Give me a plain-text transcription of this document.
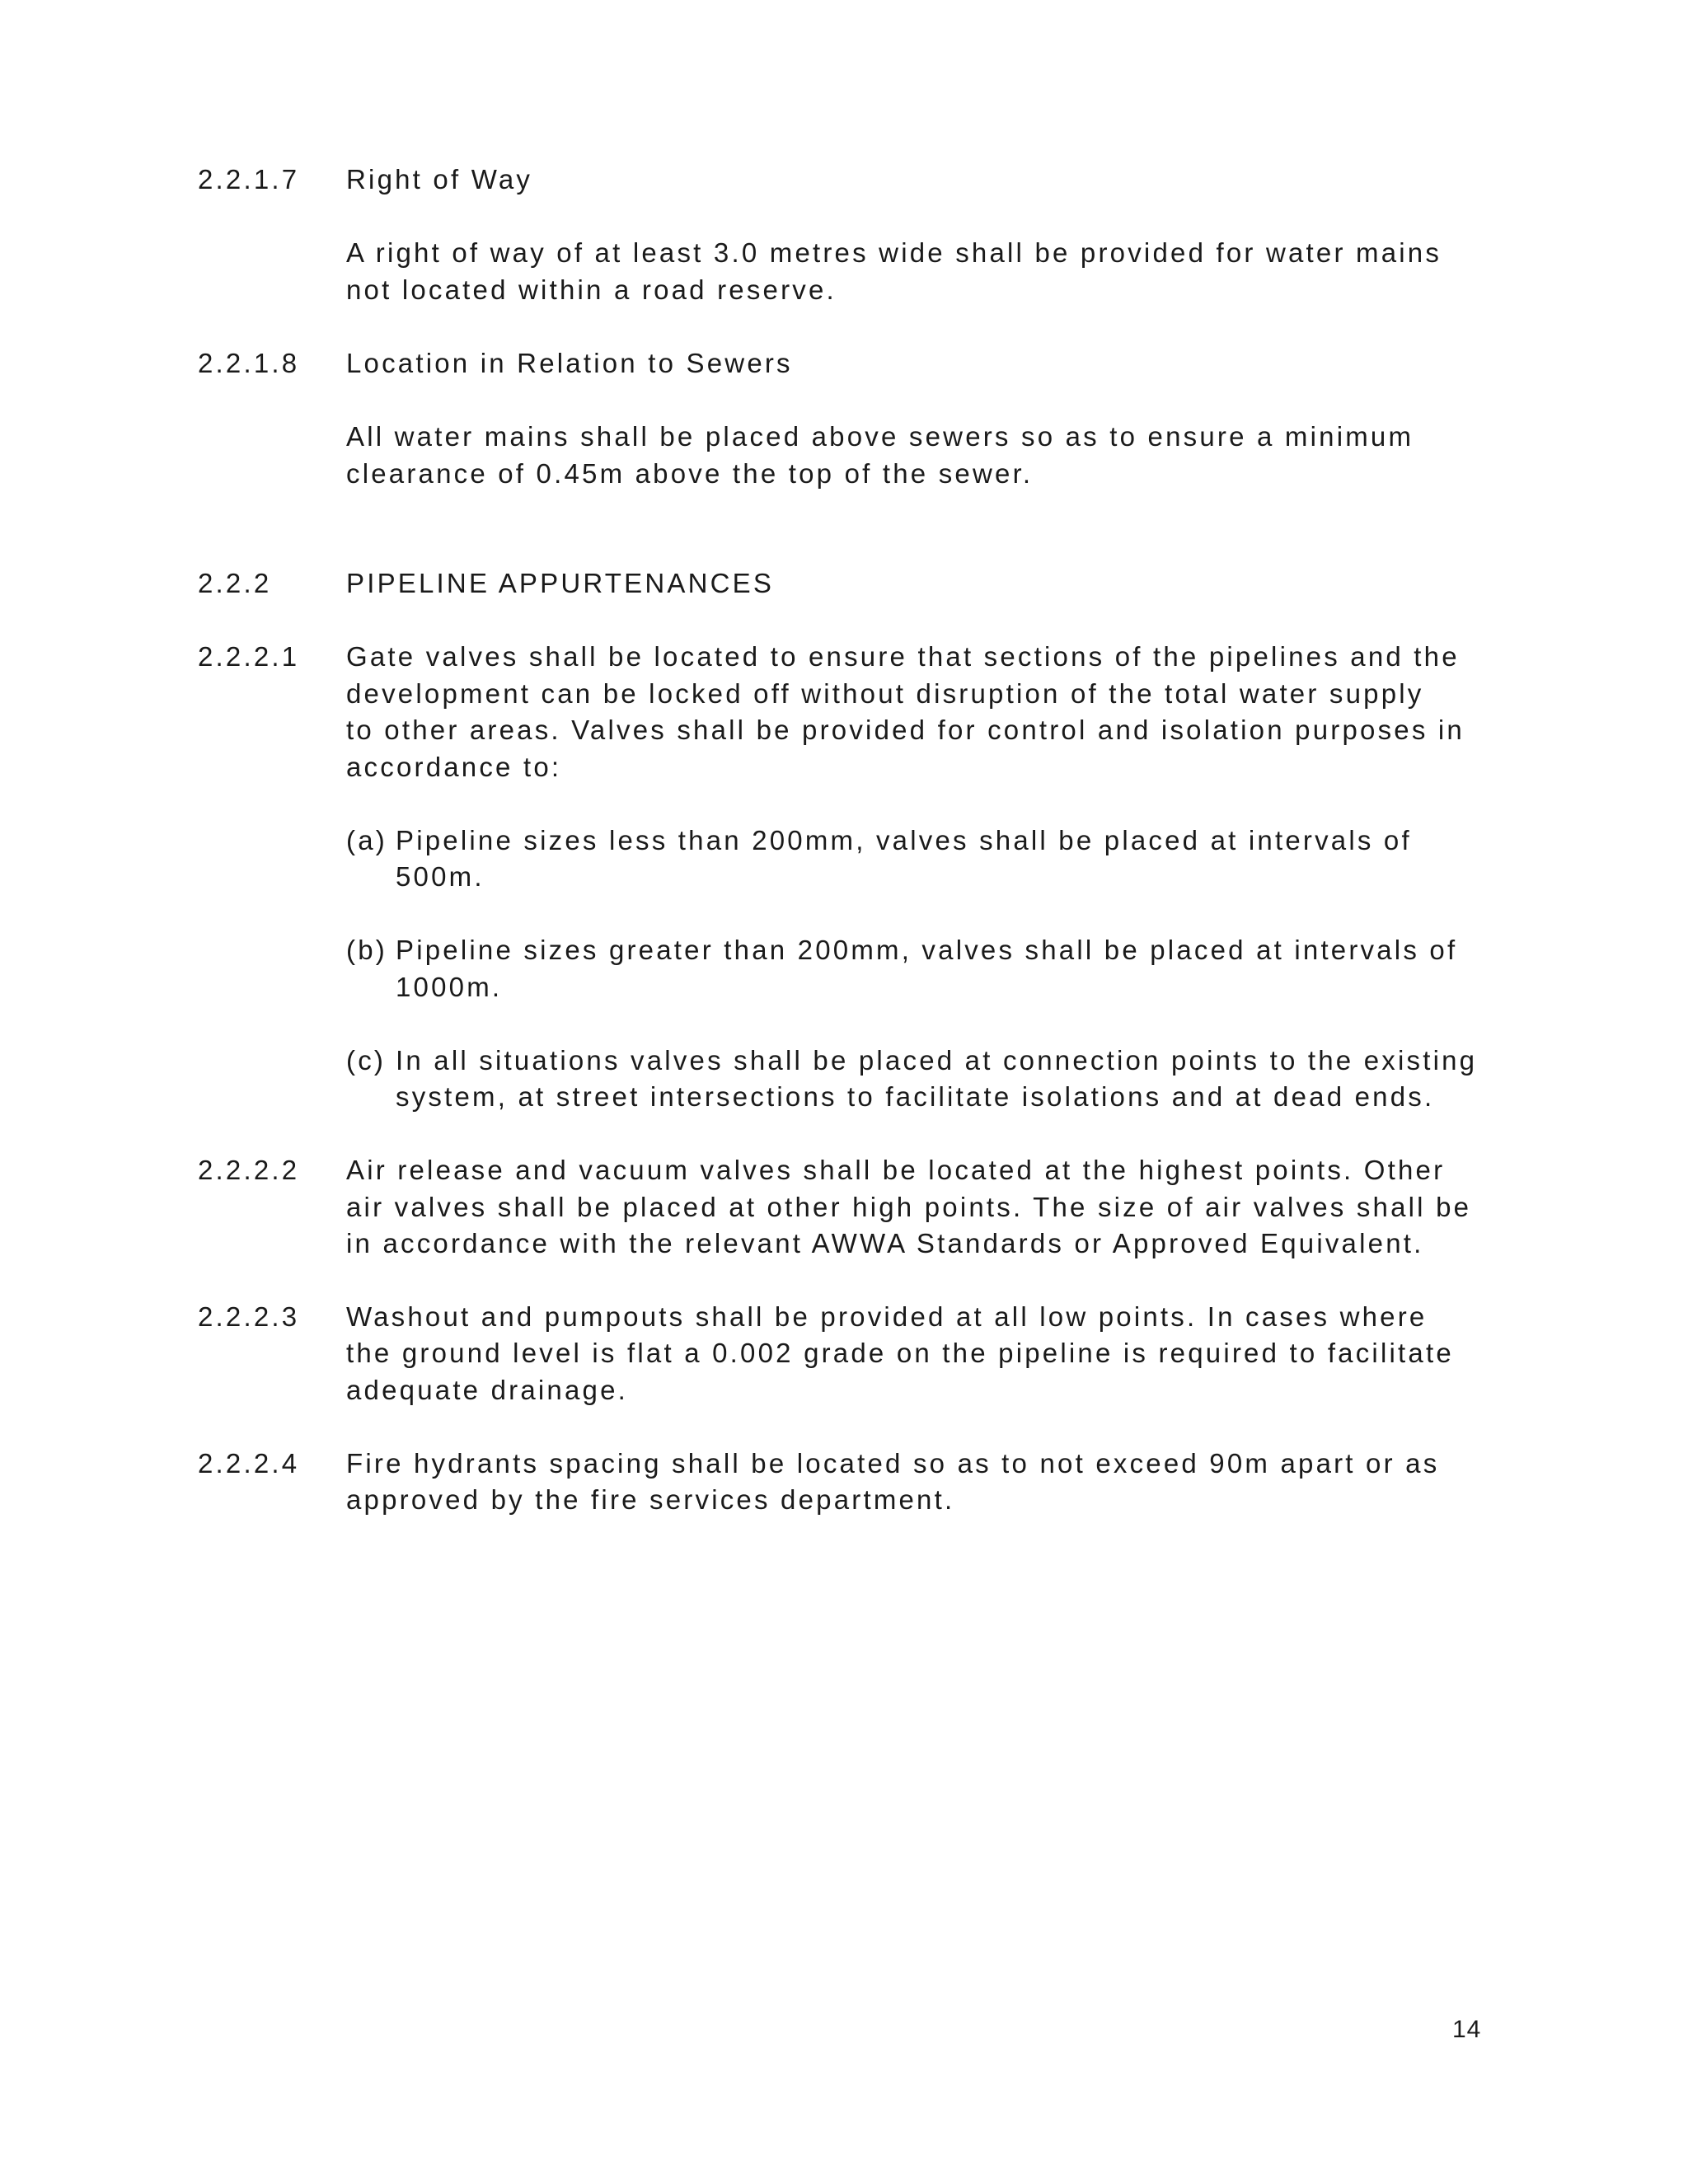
2.2.1.7 Right of Way
A right of way of at least 3.0 metres wide shall be provided for water mains
not located within a road reserve.
2.2.1.8 Location in Relation to Sewers
All water mains shall be placed above sewers so as to ensure a minimum
clearance of 0.45m above the top of the sewer.
2.2.2	PIPELINE APPURTENANCES
2.2.2.1 Gate valves shall be located to ensure that sections of the pipelines and the
development can be locked off without disruption of the total water supply
to other areas. Valves shall be provided for control and isolation purposes in
accordance to:
(a) Pipeline sizes less than 200mm, valves shall be placed at intervals of
500m.
(b) Pipeline sizes greater than 200mm, valves shall be placed at intervals of
1000m.
(c) In all situations valves shall be placed at connection points to the existing
system, at street intersections to facilitate isolations and at dead ends.
2.2.2.2 Air release and vacuum valves shall be located at the highest points. Other
air valves shall be placed at other high points. The size of air valves shall be
in accordance with the relevant AWWA Standards or Approved Equivalent.
2.2.2.3 Washout and pumpouts shall be provided at all low points. In cases where
the ground level is flat a 0.002 grade on the pipeline is required to facilitate
adequate drainage.
2.2.2.4 Fire hydrants spacing shall be located so as to not exceed 90m apart or as
approved by the fire services department.
14
